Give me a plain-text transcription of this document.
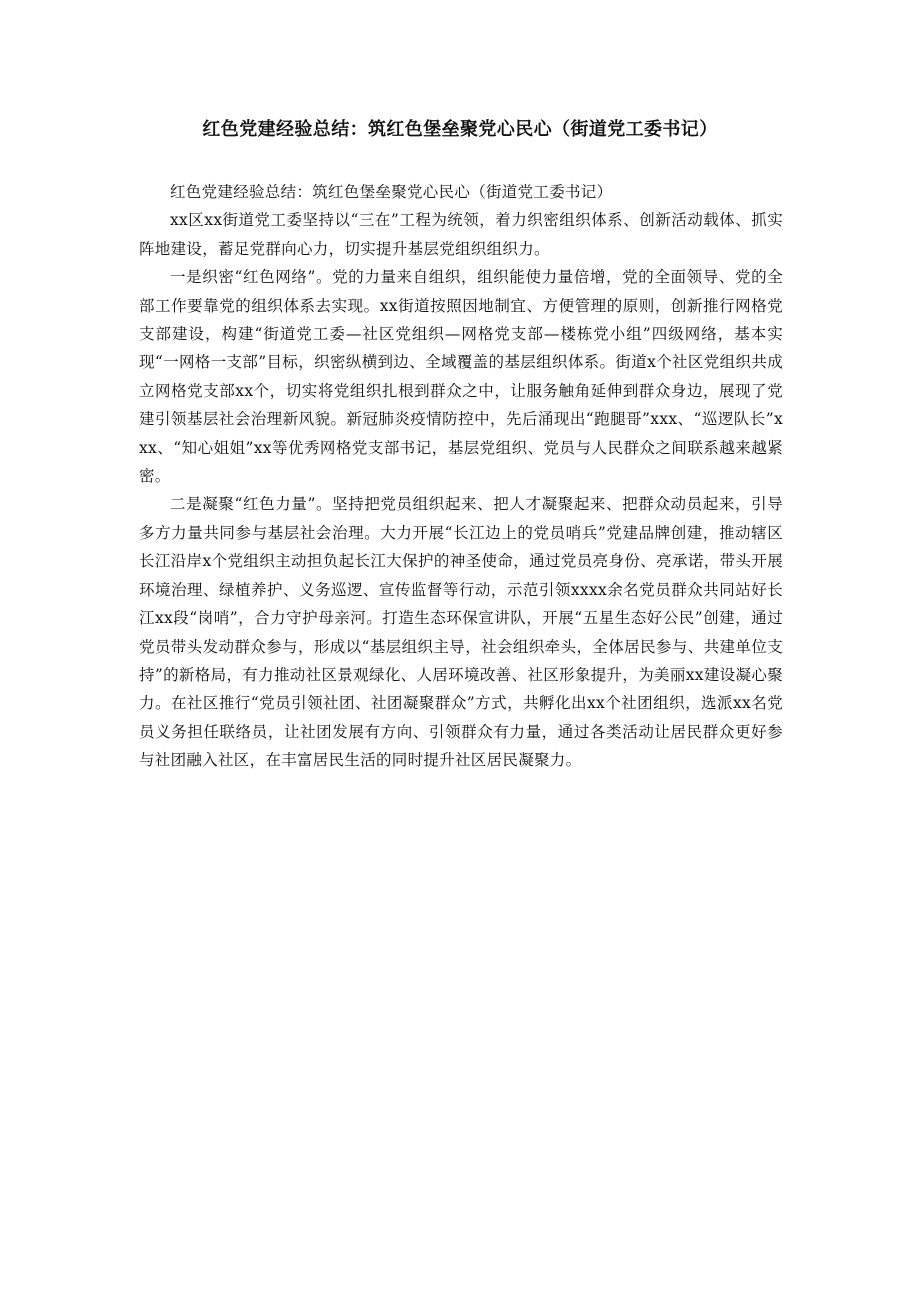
红色党建经验总结：筑红色堡垒聚党心民心（街道党工委书记）

红色党建经验总结：筑红色堡垒聚党心民心（街道党工委书记）

xx区xx街道党工委坚持以“三在”工程为统领，着力织密组织体系、创新活动载体、抓实阵地建设，蓄足党群向心力，切实提升基层党组织组织力。

一是织密“红色网络”。党的力量来自组织，组织能使力量倍增，党的全面领导、党的全部工作要靠党的组织体系去实现。xx街道按照因地制宜、方便管理的原则，创新推行网格党支部建设，构建“街道党工委—社区党组织—网格党支部—楼栋党小组”四级网络，基本实现“一网格一支部”目标，织密纵横到边、全域覆盖的基层组织体系。街道x个社区党组织共成立网格党支部xx个，切实将党组织扎根到群众之中，让服务触角延伸到群众身边，展现了党建引领基层社会治理新风貌。新冠肺炎疫情防控中，先后涌现出“跑腿哥”xxx、“巡逻队长”xxx、“知心姐姐”xx等优秀网格党支部书记，基层党组织、党员与人民群众之间联系越来越紧密。

二是凝聚“红色力量”。坚持把党员组织起来、把人才凝聚起来、把群众动员起来，引导多方力量共同参与基层社会治理。大力开展“长江边上的党员哨兵”党建品牌创建，推动辖区长江沿岸x个党组织主动担负起长江大保护的神圣使命，通过党员亮身份、亮承诺，带头开展环境治理、绿植养护、义务巡逻、宣传监督等行动，示范引领xxxx余名党员群众共同站好长江xx段“岗哨”，合力守护母亲河。打造生态环保宣讲队，开展“五星生态好公民”创建，通过党员带头发动群众参与，形成以“基层组织主导，社会组织牵头，全体居民参与、共建单位支持”的新格局，有力推动社区景观绿化、人居环境改善、社区形象提升，为美丽xx建设凝心聚力。在社区推行“党员引领社团、社团凝聚群众”方式，共孵化出xx个社团组织，选派xx名党员义务担任联络员，让社团发展有方向、引领群众有力量，通过各类活动让居民群众更好参与社团融入社区，在丰富居民生活的同时提升社区居民凝聚力。
